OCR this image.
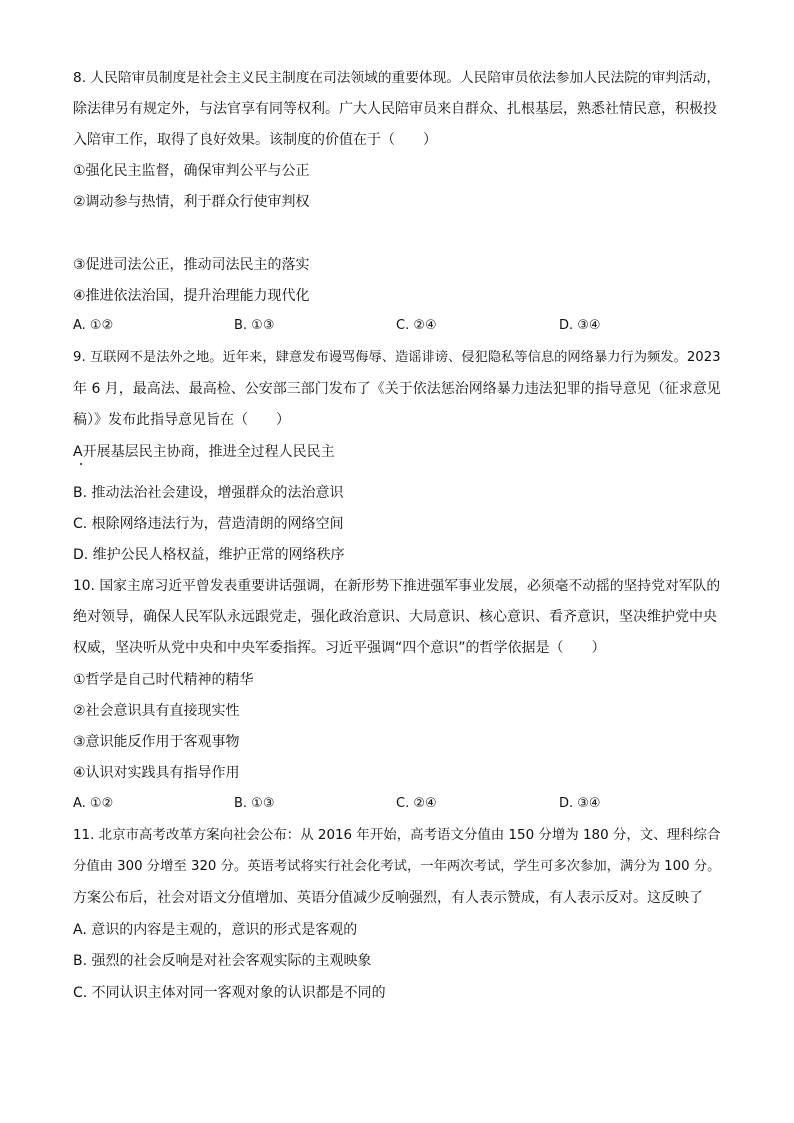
8. 人民陪审员制度是社会主义民主制度在司法领域的重要体现。人民陪审员依法参加人民法院的审判活动，
除法律另有规定外，与法官享有同等权利。广大人民陪审员来自群众、扎根基层，熟悉社情民意，积极投
入陪审工作，取得了良好效果。该制度的价值在于（　　）
①强化民主监督，确保审判公平与公正
②调动参与热情，利于群众行使审判权
③促进司法公正，推动司法民主的落实
④推进依法治国，提升治理能力现代化
A. ①②	B. ①③	C. ②④	D. ③④
9. 互联网不是法外之地。近年来，肆意发布谩骂侮辱、造谣诽谤、侵犯隐私等信息的网络暴力行为频发。2023
年 6 月，最高法、最高检、公安部三部门发布了《关于依法惩治网络暴力违法犯罪的指导意见（征求意见
稿）》发布此指导意见旨在（　　）
A开展基层民主协商，推进全过程人民民主
B. 推动法治社会建设，增强群众的法治意识
C. 根除网络违法行为，营造清朗的网络空间
D. 维护公民人格权益，维护正常的网络秩序
10. 国家主席习近平曾发表重要讲话强调，在新形势下推进强军事业发展，必须毫不动摇的坚持党对军队的
绝对领导，确保人民军队永远跟党走，强化政治意识、大局意识、核心意识、看齐意识，坚决维护党中央
权威，坚决听从党中央和中央军委指挥。习近平强调“四个意识”的哲学依据是（　　）
①哲学是自己时代精神的精华
②社会意识具有直接现实性
③意识能反作用于客观事物
④认识对实践具有指导作用
A. ①②	B. ①③	C. ②④	D. ③④
11. 北京市高考改革方案向社会公布：从 2016 年开始，高考语文分值由 150 分增为 180 分，文、理科综合
分值由 300 分增至 320 分。英语考试将实行社会化考试，一年两次考试，学生可多次参加，满分为 100 分。
方案公布后，社会对语文分值增加、英语分值减少反响强烈，有人表示赞成，有人表示反对。这反映了
A. 意识的内容是主观的，意识的形式是客观的
B. 强烈的社会反响是对社会客观实际的主观映象
C. 不同认识主体对同一客观对象的认识都是不同的
